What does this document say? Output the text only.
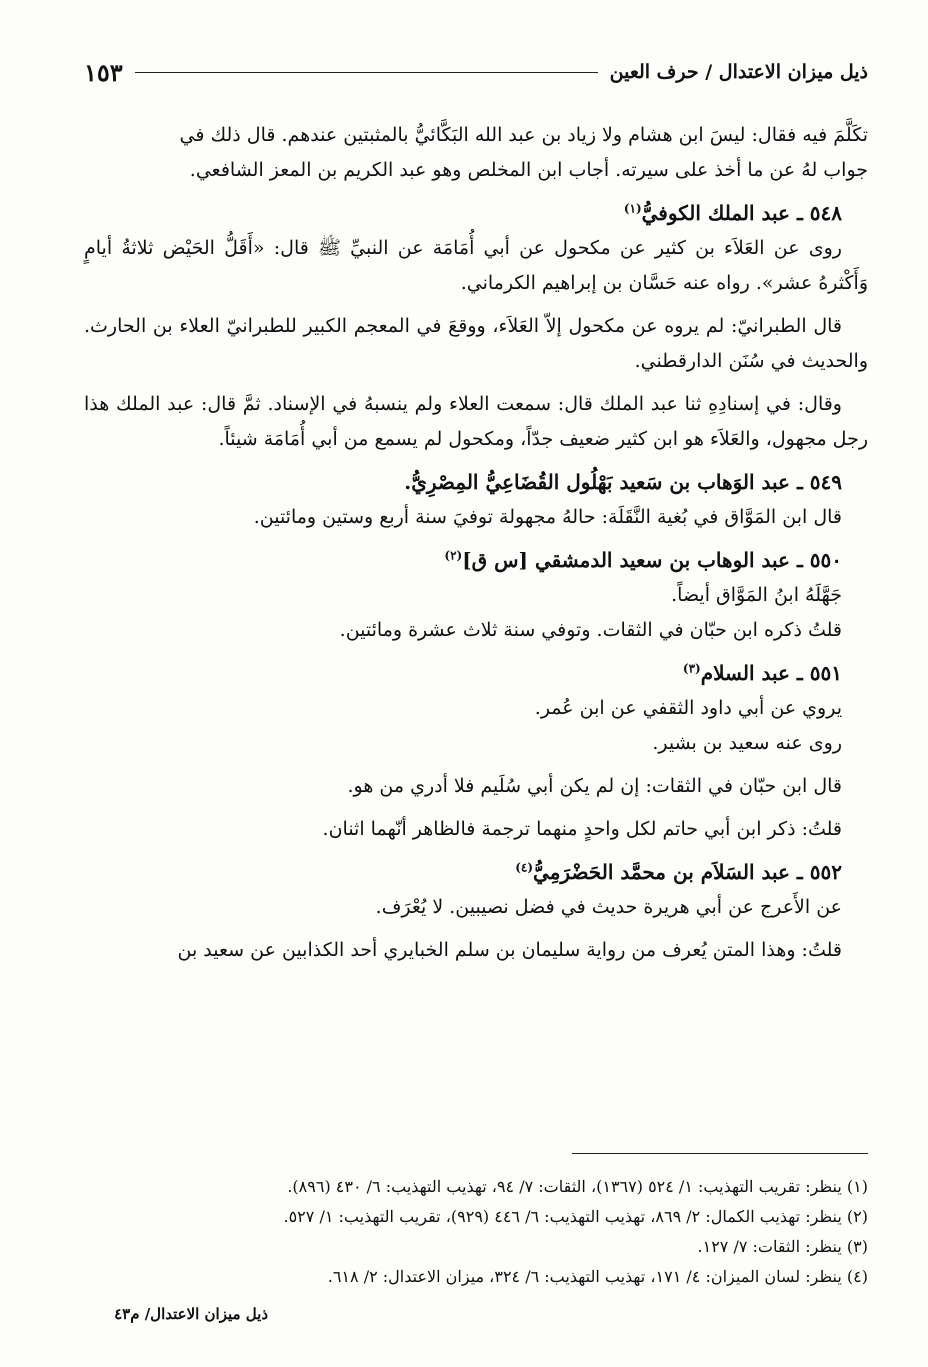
ذيل ميزان الاعتدال / حرف العين
١٥٣

تكَلَّمَ فيه فقال: ليسَ ابن هشام ولا زياد بن عبد الله البَكَّائيُّ بالمثبتين عندهم. قال ذلك في

جواب لهُ عن ما أخذ على سيرته. أجاب ابن المخلص وهو عبد الكريم بن المعز الشافعي.

٥٤٨ ـ عبد الملك الكوفيُّ$^{(١)}$

روى عن العَلاَء بن كثير عن مكحول عن أبي أُمَامَة عن النبيِّ ﷺ قال: «أَقَلُّ الحَيْض ثلاثةُ أيامٍ وَأَكْثرهُ عشر». رواه عنه حَسَّان بن إبراهيم الكرماني.

قال الطبرانيّ: لم يروه عن مكحول إلاّ العَلاَء، ووقعَ في المعجم الكبير للطبرانيّ العلاء بن الحارث. والحديث في سُنَن الدارقطني.

وقال: في إسنادِهِ ثنا عبد الملك قال: سمعت العلاء ولم ينسبهُ في الإسناد. ثمَّ قال: عبد الملك هذا رجل مجهول، والعَلاَء هو ابن كثير ضعيف جدّاً، ومكحول لم يسمع من أبي أُمَامَة شيئاً.

٥٤٩ ـ عبد الوَهاب بن سَعيد بَهْلُول القُضَاعِيُّ المِصْرِيُّ.

قال ابن المَوَّاق في بُغية النَّقَلَة: حالهُ مجهولة توفيَ سنة أربع وستين ومائتين.

٥٥٠ ـ عبد الوهاب بن سعيد الدمشقي [س ق]$^{(٢)}$

جَهَّلَهُ ابنُ المَوَّاق أيضاً.

قلتُ ذكره ابن حبّان في الثقات. وتوفي سنة ثلاث عشرة ومائتين.

٥٥١ ـ عبد السلام$^{(٣)}$

يروي عن أبي داود الثقفي عن ابن عُمر.

روى عنه سعيد بن بشير.

قال ابن حبّان في الثقات: إن لم يكن أبي سُلَيم فلا أدري من هو.

قلتُ: ذكر ابن أبي حاتم لكل واحدٍ منهما ترجمة فالظاهر أنّهما اثنان.

٥٥٢ ـ عبد السَلاَم بن محمَّد الحَضْرَمِيُّ$^{(٤)}$

عن الأَعرج عن أبي هريرة حديث في فضل نصيبين. لا يُعْرَف.

قلتُ: وهذا المتن يُعرف من رواية سليمان بن سلم الخبايري أحد الكذابين عن سعيد بن

(١) ينظر: تقريب التهذيب: ١/ ٥٢٤ (١٣٦٧)، الثقات: ٧/ ٩٤، تهذيب التهذيب: ٦/ ٤٣٠ (٨٩٦).

(٢) ينظر: تهذيب الكمال: ٢/ ٨٦٩، تهذيب التهذيب: ٦/ ٤٤٦ (٩٢٩)، تقريب التهذيب: ١/ ٥٢٧.

(٣) ينظر: الثقات: ٧/ ١٢٧.

(٤) ينظر: لسان الميزان: ٤/ ١٧١، تهذيب التهذيب: ٦/ ٣٢٤، ميزان الاعتدال: ٢/ ٦١٨.

ذيل ميزان الاعتدال/ م٤٣
